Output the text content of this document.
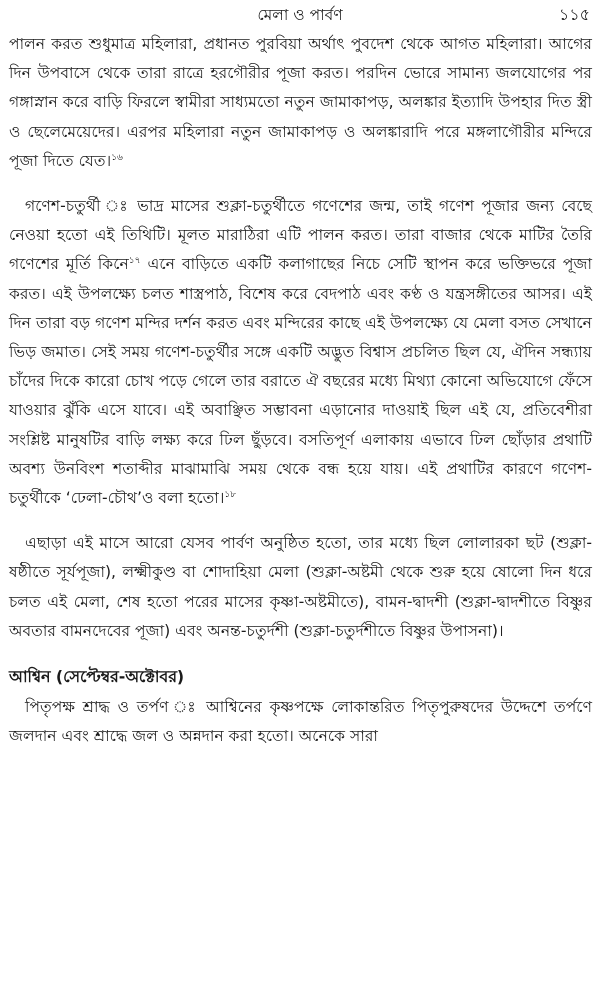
মেলা ও পার্বণ	১১৫

পালন করত শুধুমাত্র মহিলারা, প্রধানত পুরবিয়া অর্থাৎ পুবদেশ থেকে আগত মহিলারা। আগের দিন উপবাসে থেকে তারা রাত্রে হরগৌরীর পূজা করত। পরদিন ভোরে সামান্য জলযোগের পর গঙ্গাস্নান করে বাড়ি ফিরলে স্বামীরা সাধ্যমতো নতুন জামাকাপড়, অলঙ্কার ইত্যাদি উপহার দিত স্ত্রী ও ছেলেমেয়েদের। এরপর মহিলারা নতুন জামাকাপড় ও অলঙ্কারাদি পরে মঙ্গলাগৌরীর মন্দিরে পূজা দিতে যেত।$^{১৬}$

গণেশ-চতুর্থী ঃ ভাদ্র মাসের শুক্লা-চতুর্থীতে গণেশের জন্ম, তাই গণেশ পূজার জন্য বেছে নেওয়া হতো এই তিথিটি। মূলত মারাঠিরা এটি পালন করত। তারা বাজার থেকে মাটির তৈরি গণেশের মূর্তি কিনে$^{১৭}$ এনে বাড়িতে একটি কলাগাছের নিচে সেটি স্থাপন করে ভক্তিভরে পূজা করত। এই উপলক্ষ্যে চলত শাস্ত্রপাঠ, বিশেষ করে বেদপাঠ এবং কণ্ঠ ও যন্ত্রসঙ্গীতের আসর। এই দিন তারা বড় গণেশ মন্দির দর্শন করত এবং মন্দিরের কাছে এই উপলক্ষ্যে যে মেলা বসত সেখানে ভিড় জমাত। সেই সময় গণেশ-চতুর্থীর সঙ্গে একটি অদ্ভুত বিশ্বাস প্রচলিত ছিল যে, ঐদিন সন্ধ্যায় চাঁদের দিকে কারো চোখ পড়ে গেলে তার বরাতে ঐ বছরের মধ্যে মিথ্যা কোনো অভিযোগে ফেঁসে যাওয়ার ঝুঁকি এসে যাবে। এই অবাঞ্ছিত সম্ভাবনা এড়ানোর দাওয়াই ছিল এই যে, প্রতিবেশীরা সংশ্লিষ্ট মানুষটির বাড়ি লক্ষ্য করে ঢিল ছুঁড়বে। বসতিপূর্ণ এলাকায় এভাবে ঢিল ছোঁড়ার প্রথাটি অবশ্য উনবিংশ শতাব্দীর মাঝামাঝি সময় থেকে বন্ধ হয়ে যায়। এই প্রথাটির কারণে গণেশ-চতুর্থীকে ‘ঢেলা-চৌথ’ও বলা হতো।$^{১৮}$

এছাড়া এই মাসে আরো যেসব পার্বণ অনুষ্ঠিত হতো, তার মধ্যে ছিল লোলারকা ছট (শুক্লা-ষষ্ঠীতে সূর্যপূজা), লক্ষ্মীকুণ্ড বা শোদাহিয়া মেলা (শুক্লা-অষ্টমী থেকে শুরু হয়ে ষোলো দিন ধরে চলত এই মেলা, শেষ হতো পরের মাসের কৃষ্ণা-অষ্টমীতে), বামন-দ্বাদশী (শুক্লা-দ্বাদশীতে বিষ্ণুর অবতার বামনদেবের পূজা) এবং অনন্ত-চতুর্দশী (শুক্লা-চতুর্দশীতে বিষ্ণুর উপাসনা)।

আশ্বিন (সেপ্টেম্বর-অক্টোবর)

পিতৃপক্ষ শ্রাদ্ধ ও তর্পণ ঃ আশ্বিনের কৃষ্ণপক্ষে লোকান্তরিত পিতৃপুরুষদের উদ্দেশে তর্পণে জলদান এবং শ্রাদ্ধে জল ও অন্নদান করা হতো। অনেকে সারা
